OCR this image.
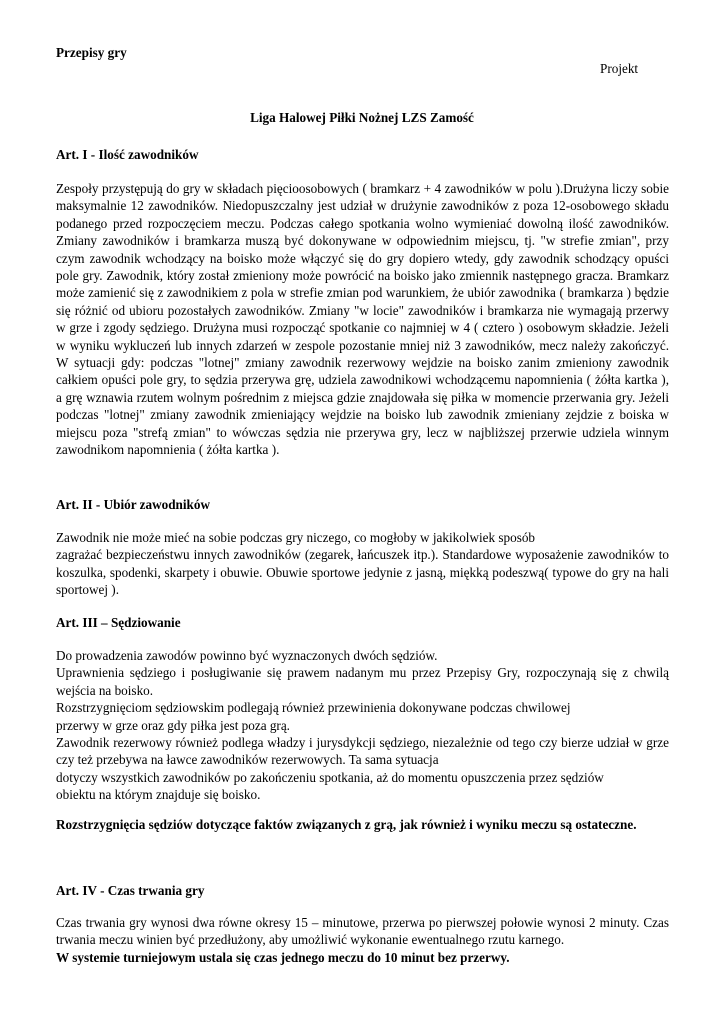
Przepisy gry
Projekt
Liga Halowej Piłki Nożnej LZS Zamość
Art. I - Ilość zawodników

Zespoły przystępują do gry w składach pięcioosobowych ( bramkarz + 4 zawodników w polu ).Drużyna liczy sobie maksymalnie 12 zawodników. Niedopuszczalny jest udział w drużynie zawodników z poza 12-osobowego składu podanego przed rozpoczęciem meczu. Podczas całego spotkania wolno wymieniać dowolną ilość zawodników. Zmiany zawodników i bramkarza muszą być dokonywane w odpowiednim miejscu, tj. "w strefie zmian", przy czym zawodnik wchodzący na boisko może włączyć się do gry dopiero wtedy, gdy zawodnik schodzący opuści pole gry. Zawodnik, który został zmieniony może powrócić na boisko jako zmiennik następnego gracza. Bramkarz może zamienić się z zawodnikiem z pola w strefie zmian pod warunkiem, że ubiór zawodnika ( bramkarza ) będzie się różnić od ubioru pozostałych zawodników. Zmiany "w locie" zawodników i bramkarza nie wymagają przerwy w grze i zgody sędziego. Drużyna musi rozpocząć spotkanie co najmniej w 4 ( cztero ) osobowym składzie. Jeżeli w wyniku wykluczeń lub innych zdarzeń w zespole pozostanie mniej niż 3 zawodników, mecz należy zakończyć. W sytuacji gdy: podczas "lotnej" zmiany zawodnik rezerwowy wejdzie na boisko zanim zmieniony zawodnik całkiem opuści pole gry, to sędzia przerywa grę, udziela zawodnikowi wchodzącemu napomnienia ( żółta kartka ), a grę wznawia rzutem wolnym pośrednim z miejsca gdzie znajdowała się piłka w momencie przerwania gry. Jeżeli podczas "lotnej" zmiany zawodnik zmieniający wejdzie na boisko lub zawodnik zmieniany zejdzie z boiska w miejscu poza "strefą zmian" to wówczas sędzia nie przerywa gry, lecz w najbliższej przerwie udziela winnym zawodnikom napomnienia ( żółta kartka ).

Art. II - Ubiór zawodników

Zawodnik nie może mieć na sobie podczas gry niczego, co mogłoby w jakikolwiek sposób

zagrażać bezpieczeństwu innych zawodników (zegarek, łańcuszek itp.). Standardowe wyposażenie zawodników to koszulka, spodenki, skarpety i obuwie. Obuwie sportowe jedynie z jasną, miękką podeszwą( typowe do gry na hali sportowej ).

Art. III – Sędziowanie

Do prowadzenia zawodów powinno być wyznaczonych dwóch sędziów.

Uprawnienia sędziego i posługiwanie się prawem nadanym mu przez Przepisy Gry, rozpoczynają się z chwilą wejścia na boisko.

Rozstrzygnięciom sędziowskim podlegają również przewinienia dokonywane podczas chwilowej

przerwy w grze oraz gdy piłka jest poza grą.

Zawodnik rezerwowy również podlega władzy i jurysdykcji sędziego, niezależnie od tego czy bierze udział w grze czy też przebywa na ławce zawodników rezerwowych. Ta sama sytuacja

dotyczy wszystkich zawodników po zakończeniu spotkania, aż do momentu opuszczenia przez sędziów

obiektu na którym znajduje się boisko.

Rozstrzygnięcia sędziów dotyczące faktów związanych z grą, jak również i wyniku meczu są ostateczne.

Art. IV - Czas trwania gry

Czas trwania gry wynosi dwa równe okresy 15 – minutowe, przerwa po pierwszej połowie wynosi 2 minuty. Czas trwania meczu winien być przedłużony, aby umożliwić wykonanie ewentualnego rzutu karnego.

W systemie turniejowym ustala się czas jednego meczu do 10 minut bez przerwy.
